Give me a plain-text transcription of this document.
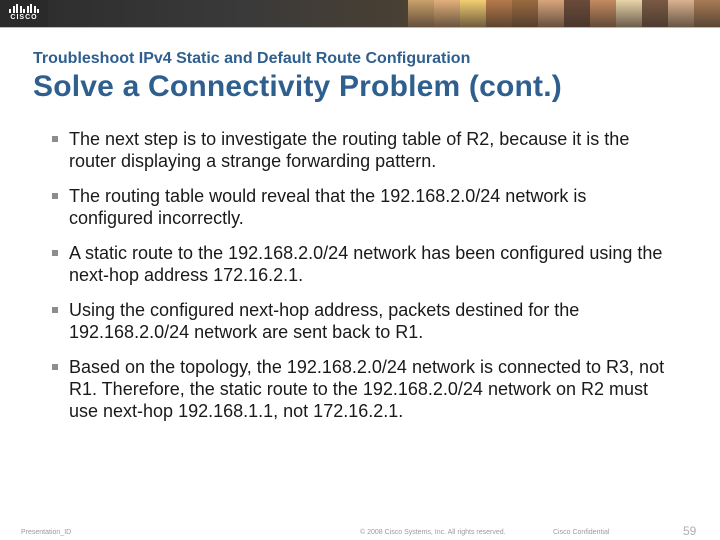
CISCO
Troubleshoot IPv4 Static and Default Route Configuration
Solve a Connectivity Problem (cont.)
The next step is to investigate the routing table of R2, because it is the router displaying a strange forwarding pattern.
The routing table would reveal that the 192.168.2.0/24 network is configured incorrectly.
A static route to the 192.168.2.0/24 network has been configured using the next-hop address 172.16.2.1.
Using the configured next-hop address, packets destined for the 192.168.2.0/24 network are sent back to R1.
Based on the topology, the 192.168.2.0/24 network is connected to R3, not R1. Therefore, the static route to the 192.168.2.0/24 network on R2 must use next-hop 192.168.1.1, not 172.16.2.1.
Presentation_ID	© 2008 Cisco Systems, Inc. All rights reserved.	Cisco Confidential	59
